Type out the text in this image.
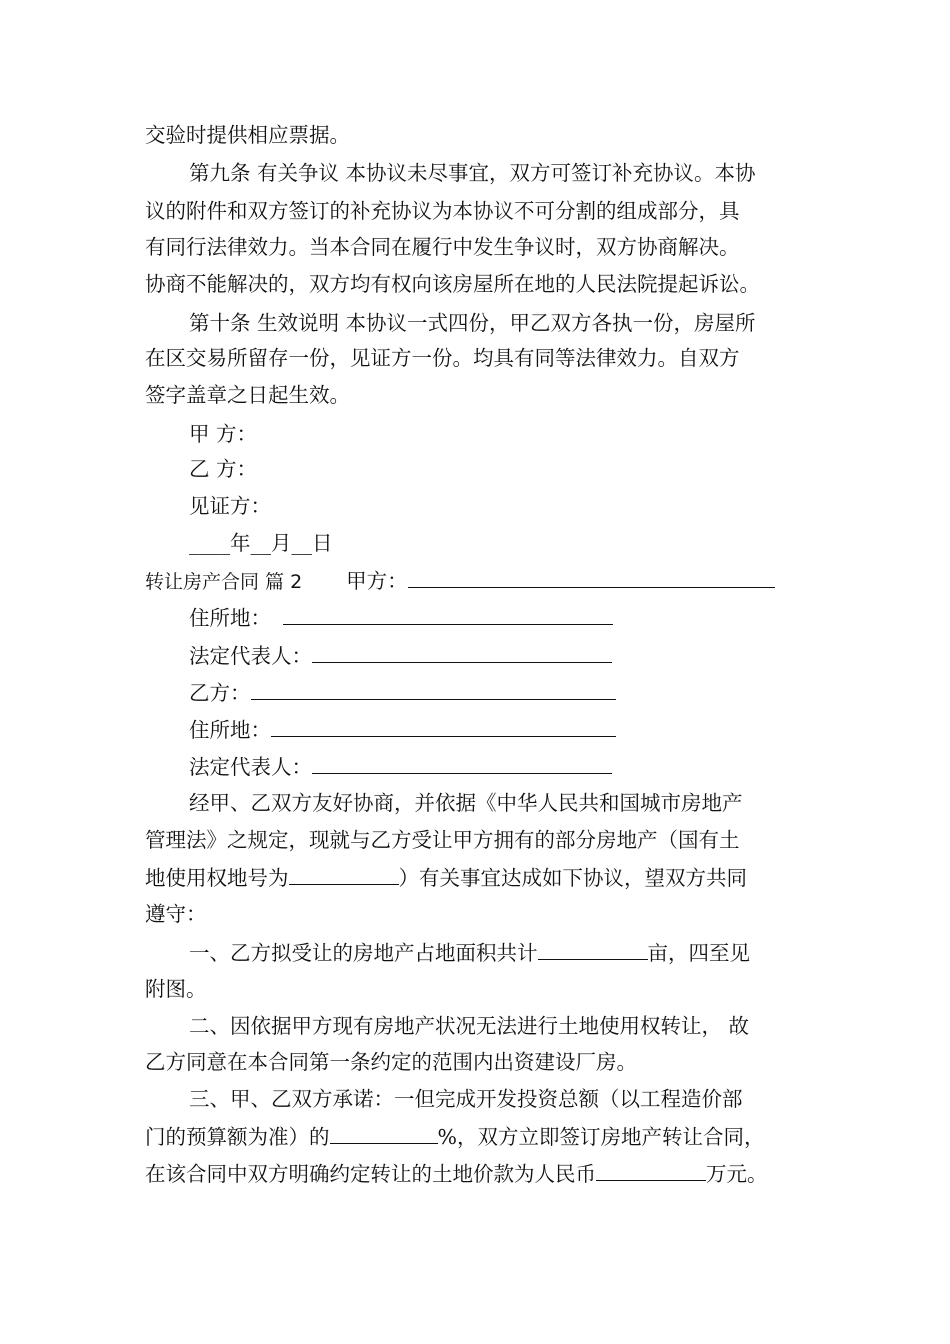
交验时提供相应票据。
第九条 有关争议 本协议未尽事宜，双方可签订补充协议。本协
议的附件和双方签订的补充协议为本协议不可分割的组成部分，具
有同行法律效力。当本合同在履行中发生争议时，双方协商解决。
协商不能解决的，双方均有权向该房屋所在地的人民法院提起诉讼。
第十条 生效说明 本协议一式四份，甲乙双方各执一份，房屋所
在区交易所留存一份，见证方一份。均具有同等法律效力。自双方
签字盖章之日起生效。
甲 方：
乙 方：
见证方：
____年__月__日
转让房产合同 篇 2 甲方：
住所地：
法定代表人：
乙方：
住所地：
法定代表人：
经甲、乙双方友好协商，并依据《中华人民共和国城市房地产
管理法》之规定，现就与乙方受让甲方拥有的部分房地产（国有土
地使用权地号为	）有关事宜达成如下协议，望双方共同
遵守：
一、乙方拟受让的房地产占地面积共计	亩，四至见
附图。
二、因依据甲方现有房地产状况无法进行土地使用权转让， 故
乙方同意在本合同第一条约定的范围内出资建设厂房。
三、甲、乙双方承诺：一但完成开发投资总额（以工程造价部
门的预算额为准）的	%，双方立即签订房地产转让合同，
在该合同中双方明确约定转让的土地价款为人民币	万元。
